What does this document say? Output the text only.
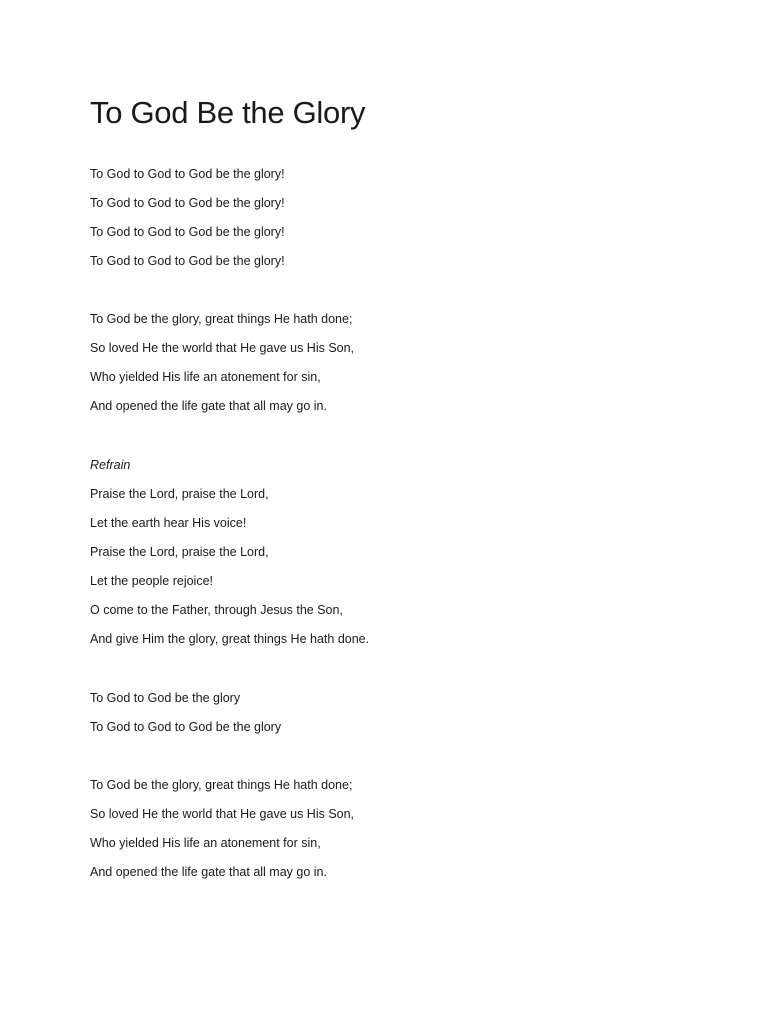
To God Be the Glory
To God to God to God be the glory!
To God to God to God be the glory!
To God to God to God be the glory!
To God to God to God be the glory!
To God be the glory, great things He hath done;
So loved He the world that He gave us His Son,
Who yielded His life an atonement for sin,
And opened the life gate that all may go in.
Refrain
Praise the Lord, praise the Lord,
Let the earth hear His voice!
Praise the Lord, praise the Lord,
Let the people rejoice!
O come to the Father, through Jesus the Son,
And give Him the glory, great things He hath done.
To God to God be the glory
To God to God to God be the glory
To God be the glory, great things He hath done;
So loved He the world that He gave us His Son,
Who yielded His life an atonement for sin,
And opened the life gate that all may go in.
